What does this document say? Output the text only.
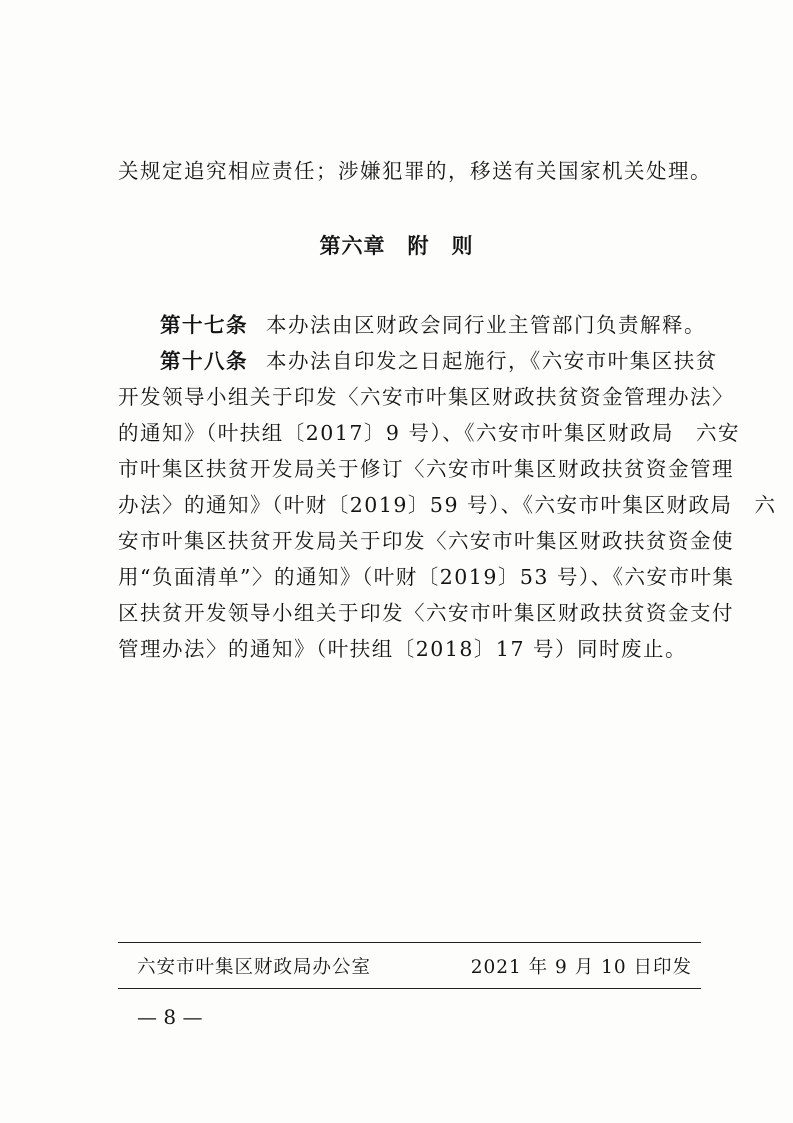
关规定追究相应责任；涉嫌犯罪的，移送有关国家机关处理。
第六章 附　则
第十七条 本办法由区财政会同行业主管部门负责解释。
第十八条 本办法自印发之日起施行，《六安市叶集区扶贫
开发领导小组关于印发〈六安市叶集区财政扶贫资金管理办法〉
的通知》（叶扶组〔2017〕9 号）、《六安市叶集区财政局　六安
市叶集区扶贫开发局关于修订〈六安市叶集区财政扶贫资金管理
办法〉的通知》（叶财〔2019〕59 号）、《六安市叶集区财政局　六
安市叶集区扶贫开发局关于印发〈六安市叶集区财政扶贫资金使
用“负面清单”〉的通知》（叶财〔2019〕53 号）、《六安市叶集
区扶贫开发领导小组关于印发〈六安市叶集区财政扶贫资金支付
管理办法〉的通知》（叶扶组〔2018〕17 号）同时废止。
六安市叶集区财政局办公室	2021 年 9 月 10 日印发
— 8 —
